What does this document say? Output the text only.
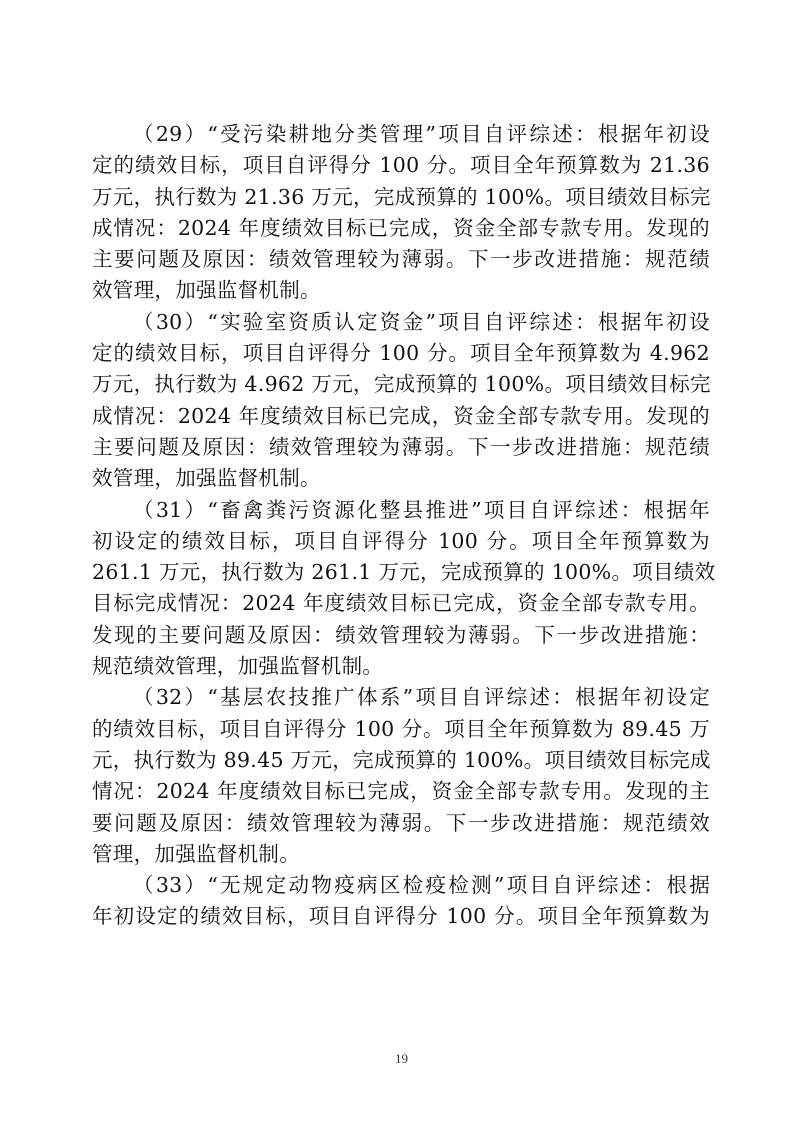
（29）“受污染耕地分类管理”项目自评综述：根据年初设
定的绩效目标，项目自评得分 100 分。项目全年预算数为 21.36
万元，执行数为 21.36 万元，完成预算的 100%。项目绩效目标完
成情况：2024 年度绩效目标已完成，资金全部专款专用。发现的
主要问题及原因：绩效管理较为薄弱。下一步改进措施：规范绩
效管理，加强监督机制。

（30）“实验室资质认定资金”项目自评综述：根据年初设
定的绩效目标，项目自评得分 100 分。项目全年预算数为 4.962
万元，执行数为 4.962 万元，完成预算的 100%。项目绩效目标完
成情况：2024 年度绩效目标已完成，资金全部专款专用。发现的
主要问题及原因：绩效管理较为薄弱。下一步改进措施：规范绩
效管理，加强监督机制。

（31）“畜禽粪污资源化整县推进”项目自评综述：根据年
初设定的绩效目标，项目自评得分 100 分。项目全年预算数为
261.1 万元，执行数为 261.1 万元，完成预算的 100%。项目绩效
目标完成情况：2024 年度绩效目标已完成，资金全部专款专用。
发现的主要问题及原因：绩效管理较为薄弱。下一步改进措施：
规范绩效管理，加强监督机制。

（32）“基层农技推广体系”项目自评综述：根据年初设定
的绩效目标，项目自评得分 100 分。项目全年预算数为 89.45 万
元，执行数为 89.45 万元，完成预算的 100%。项目绩效目标完成
情况：2024 年度绩效目标已完成，资金全部专款专用。发现的主
要问题及原因：绩效管理较为薄弱。下一步改进措施：规范绩效
管理，加强监督机制。

（33）“无规定动物疫病区检疫检测”项目自评综述：根据
年初设定的绩效目标，项目自评得分 100 分。项目全年预算数为

19
